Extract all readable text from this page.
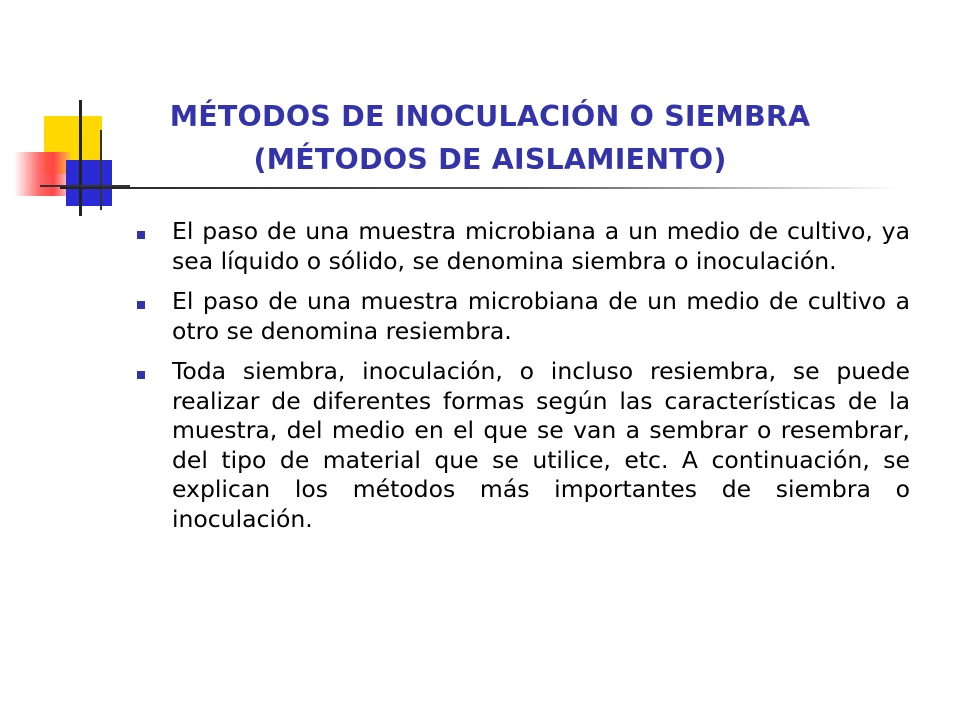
MÉTODOS DE INOCULACIÓN O SIEMBRA
(MÉTODOS DE AISLAMIENTO)
El paso de una muestra microbiana a un medio de cultivo, ya sea líquido o sólido, se denomina siembra o inoculación.
El paso de una muestra microbiana de un medio de cultivo a otro se denomina resiembra.
Toda siembra, inoculación, o incluso resiembra, se puede realizar de diferentes formas según las características de la muestra, del medio en el que se van a sembrar o resembrar, del tipo de material que se utilice, etc. A continuación, se explican los métodos más importantes de siembra o inoculación.
